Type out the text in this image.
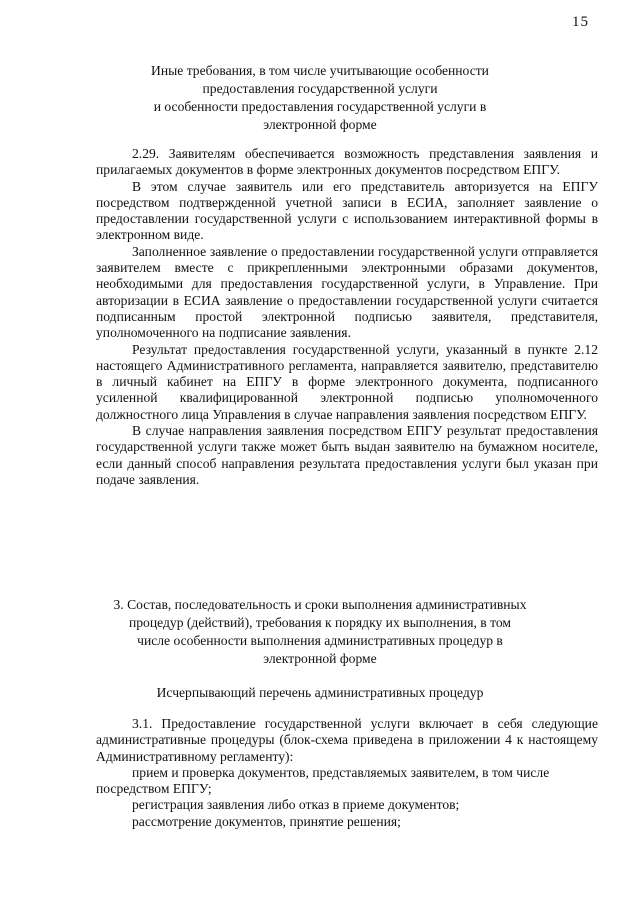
15
Иные требования, в том числе учитывающие особенности
предоставления государственной услуги
и особенности предоставления государственной услуги в
электронной форме

2.29. Заявителям обеспечивается возможность представления заявления и прилагаемых документов в форме электронных документов посредством ЕПГУ.

В этом случае заявитель или его представитель авторизуется на ЕПГУ посредством подтвержденной учетной записи в ЕСИА, заполняет заявление о предоставлении государственной услуги с использованием интерактивной формы в электронном виде.

Заполненное заявление о предоставлении государственной услуги отправляется заявителем вместе с прикрепленными электронными образами документов, необходимыми для предоставления государственной услуги, в Управление. При авторизации в ЕСИА заявление о предоставлении государственной услуги считается подписанным простой электронной подписью заявителя, представителя, уполномоченного на подписание заявления.

Результат предоставления государственной услуги, указанный в пункте 2.12 настоящего Административного регламента, направляется заявителю, представителю в личный кабинет на ЕПГУ в форме электронного документа, подписанного усиленной квалифицированной электронной подписью уполномоченного должностного лица Управления в случае направления заявления посредством ЕПГУ.

В случае направления заявления посредством ЕПГУ результат предоставления государственной услуги также может быть выдан заявителю на бумажном носителе, если данный способ направления результата предоставления услуги был указан при подаче заявления.

3. Состав, последовательность и сроки выполнения административных
процедур (действий), требования к порядку их выполнения, в том
числе особенности выполнения административных процедур в
электронной форме
Исчерпывающий перечень административных процедур

3.1. Предоставление государственной услуги включает в себя следующие административные процедуры (блок-схема приведена в приложении 4 к настоящему Административному регламенту):

прием и проверка документов, представляемых заявителем, в том числе посредством ЕПГУ;

регистрация заявления либо отказ в приеме документов;

рассмотрение документов, принятие решения;
